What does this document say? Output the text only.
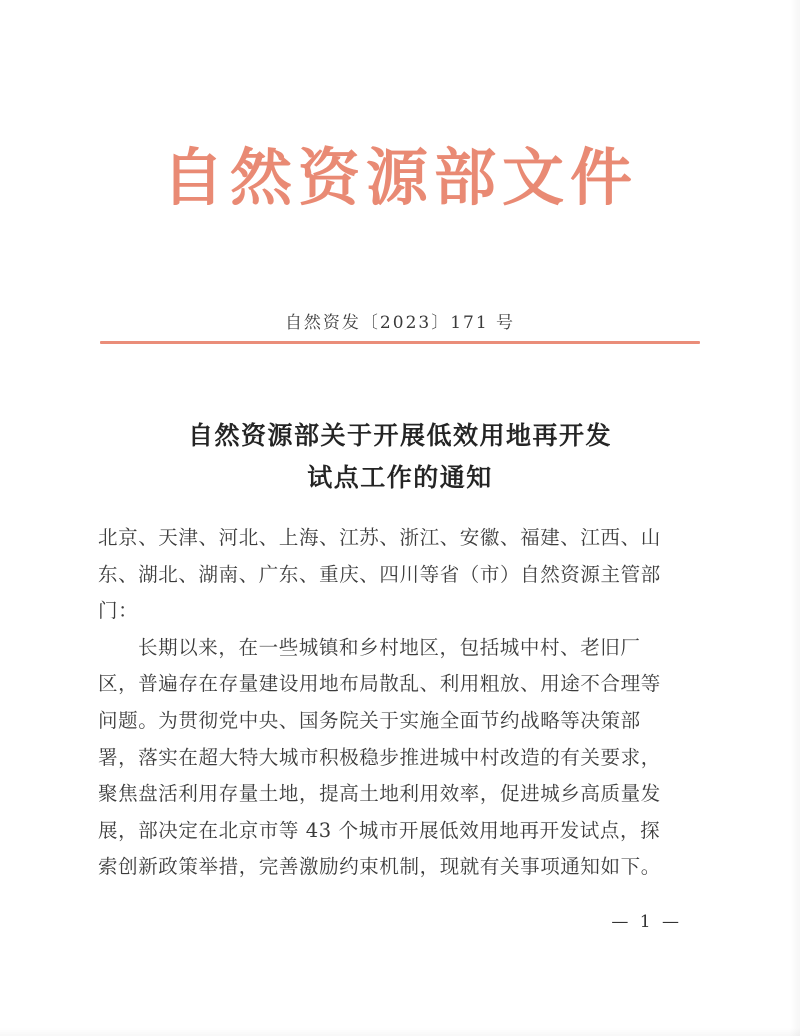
自然资源部文件
自然资发〔2023〕171 号
自然资源部关于开展低效用地再开发
试点工作的通知
北京、天津、河北、上海、江苏、浙江、安徽、福建、江西、山
东、湖北、湖南、广东、重庆、四川等省（市）自然资源主管部
门：
长期以来，在一些城镇和乡村地区，包括城中村、老旧厂
区，普遍存在存量建设用地布局散乱、利用粗放、用途不合理等
问题。为贯彻党中央、国务院关于实施全面节约战略等决策部
署，落实在超大特大城市积极稳步推进城中村改造的有关要求，
聚焦盘活利用存量土地，提高土地利用效率，促进城乡高质量发
展，部决定在北京市等 43 个城市开展低效用地再开发试点，探
索创新政策举措，完善激励约束机制，现就有关事项通知如下。
— 1 —
